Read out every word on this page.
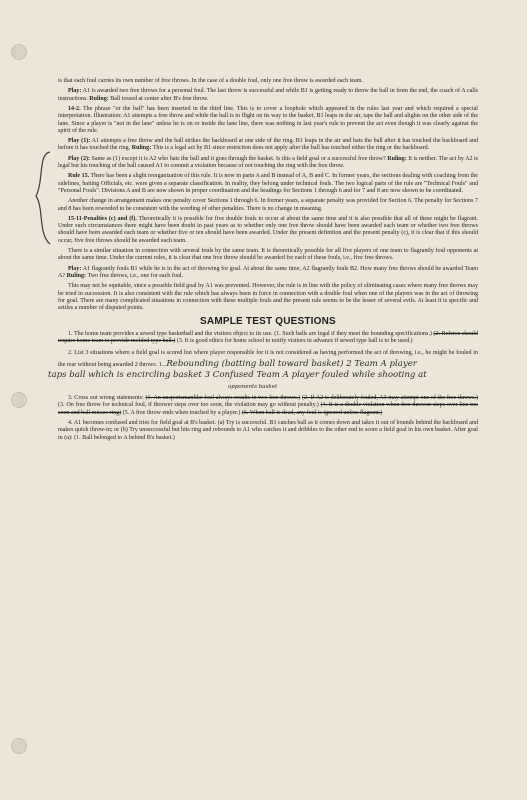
is that each foul carries its own number of free throws. In the case of a double foul, only one free throw is awarded each team.

Play: A1 is awarded two free throws for a personal foul. The last throw is successful and while B1 is getting ready to throw the ball in from the end, the coach of A calls instructions. Ruling: Ball tossed at center after B's free throw.

14-2. The phrase "or the ball" has been inserted in the third line. This is to cover a loophole which appeared in the rules last year and which required a special interpretation. Illustration: A1 attempts a free throw and while the ball is in flight on its way to the basket, B1 leaps in the air, taps the ball and alights on the other side of the lane. Since a player is "not in the lane" unless he is on or inside the lane line, there was nothing in last year's rule to prevent the act even though it was clearly against the spirit of the rule.

Play (1): A1 attempts a free throw and the ball strikes the backboard at one side of the ring. B1 leaps in the air and bats the ball after it has touched the backboard and before it has touched the ring. Ruling: This is a legal act by B1 since restriction does not apply after the ball has touched either the ring or the backboard.

Play (2): Same as (1) except it is A2 who bats the ball and it goes through the basket. Is this a field goal or a successful free throw? Ruling: It is neither. The act by A2 is legal but his touching of the ball caused A1 to commit a violation because of not touching the ring with the free throw.

Rule 15. There has been a slight reorganization of this rule. It is now in parts A and B instead of A, B and C. In former years, the sections dealing with coaching from the sidelines, baiting Officials, etc. were given a separate classification. In reality, they belong under technical fouls. The two logical parts of the rule are "Technical Fouls" and "Personal Fouls". Divisions A and B are now shown in proper coordination and the headings for Sections 1 through 6 and for 7 and 8 are now shown to be coordinated.

Another change in arrangement makes one penalty cover Sections 1 through 6. In former years, a separate penalty was provided for Section 6. The penalty for Sections 7 and 8 has been reworded to be consistent with the wording of other penalties. There is no change in meaning.

15-11-Penalties (c) and (f). Theoretically it is possible for five double fouls to occur at about the same time and it is also possible that all of these might be flagrant. Under such circumstances there might have been doubt in past years as to whether only one free throw should have been awarded each team or whether two free throws should have been awarded each team or whether five or ten should have been awarded. Under the present definition and the present penalty (c), it is clear that if this should occur, five free throws should be awarded each team.

There is a similar situation in connection with several fouls by the same team. It is theoretically possible for all five players of one team to flagrantly foul opponents at about the same time. Under the current rules, it is clear that one free throw should be awarded for each of these fouls, i.e., five free throws.

Play: A1 flagrantly fouls B1 while he is in the act of throwing for goal. At about the same time, A2 flagrantly fouls B2. How many free throws should be awarded Team A? Ruling: Two free throws, i.e., one for each foul.

This may not be equitable, since a possible field goal by A1 was prevented. However, the rule is in line with the policy of eliminating cases where many free throws may be tried in succession. It is also consistent with the rule which has always been in force in connection with a double foul when one of the players was in the act of throwing for goal. There are many complicated situations in connection with these multiple fouls and the present rule seems to be the lesser of several evils. At least it is specific and settles a number of disputed points.

SAMPLE TEST QUESTIONS

1. The home team provides a sewed type basketball and the visitors object to its use. (1. Such balls are legal if they meet the bounding specifications.) (2. Referee should require home team to provide molded type ball.) (3. It is good ethics for home school to notify visitors in advance if sewed type ball is to be used.)

2. List 3 situations where a field goal is scored but where player responsible for it is not considered as having performed the act of throwing, i.e., he might be fouled in the rear without being awarded 2 throws. 1...Rebounding (batting ball toward basket) 2 Team A player
taps ball which is encircling basket 3 Confused Team A player fouled while shooting at
opponents basket

3. Cross out wrong statements: (1. An unsportsmanlike foul always results in two free throws.) (2. If A2 is deliberately fouled, A3 may attempt one of the free throws.) (3. On free throw for technical foul, if thrower steps over too soon, the violation may go without penalty.) (4. It is a double violation when free thrower steps over line too soon and ball misses ring) (5. A free throw ends when touched by a player.) (6. When ball is dead, any foul is ignored unless flagrant.)

4. A1 becomes confused and tries for field goal at B's basket. (a) Try is successful. B1 catches ball as it comes down and takes it out of bounds behind the backboard and makes quick throw-in; or (b) Try unsuccessful but hits ring and rebounds to A1 who catches it and dribbles to the other end to score a field goal in his own basket. After goal in (a): (1. Ball belonged to A behind B's basket.)
